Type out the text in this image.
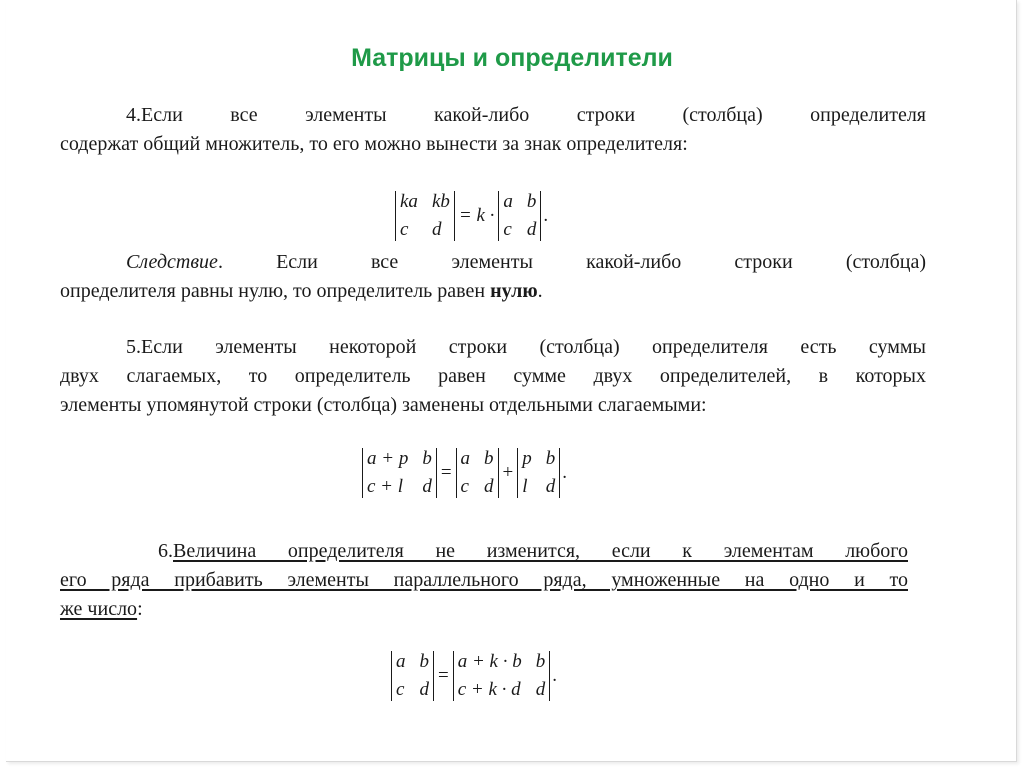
Матрицы и определители
4.Если все элементы какой-либо строки (столбца) определителя
содержат общий множитель, то его можно вынести за знак определителя:
ka kb
c	d
= k ·
a b
c d
.
Следствие. Если все элементы какой-либо строки (столбца)
определителя равны нулю, то определитель равен нулю.
5.Если элементы некоторой строки (столбца) определителя есть суммы
двух слагаемых, то определитель равен сумме двух определителей, в которых
элементы упомянутой строки (столбца) заменены отдельными слагаемыми:
a + p b
c + l d
=
a b
c d
+
p b
l d
.
6.Величина определителя не изменится, если к элементам любого
его ряда прибавить элементы параллельного ряда, умноженные на одно и то
же число:
a b
c d
=
a + k · b b
c + k · d d
.
